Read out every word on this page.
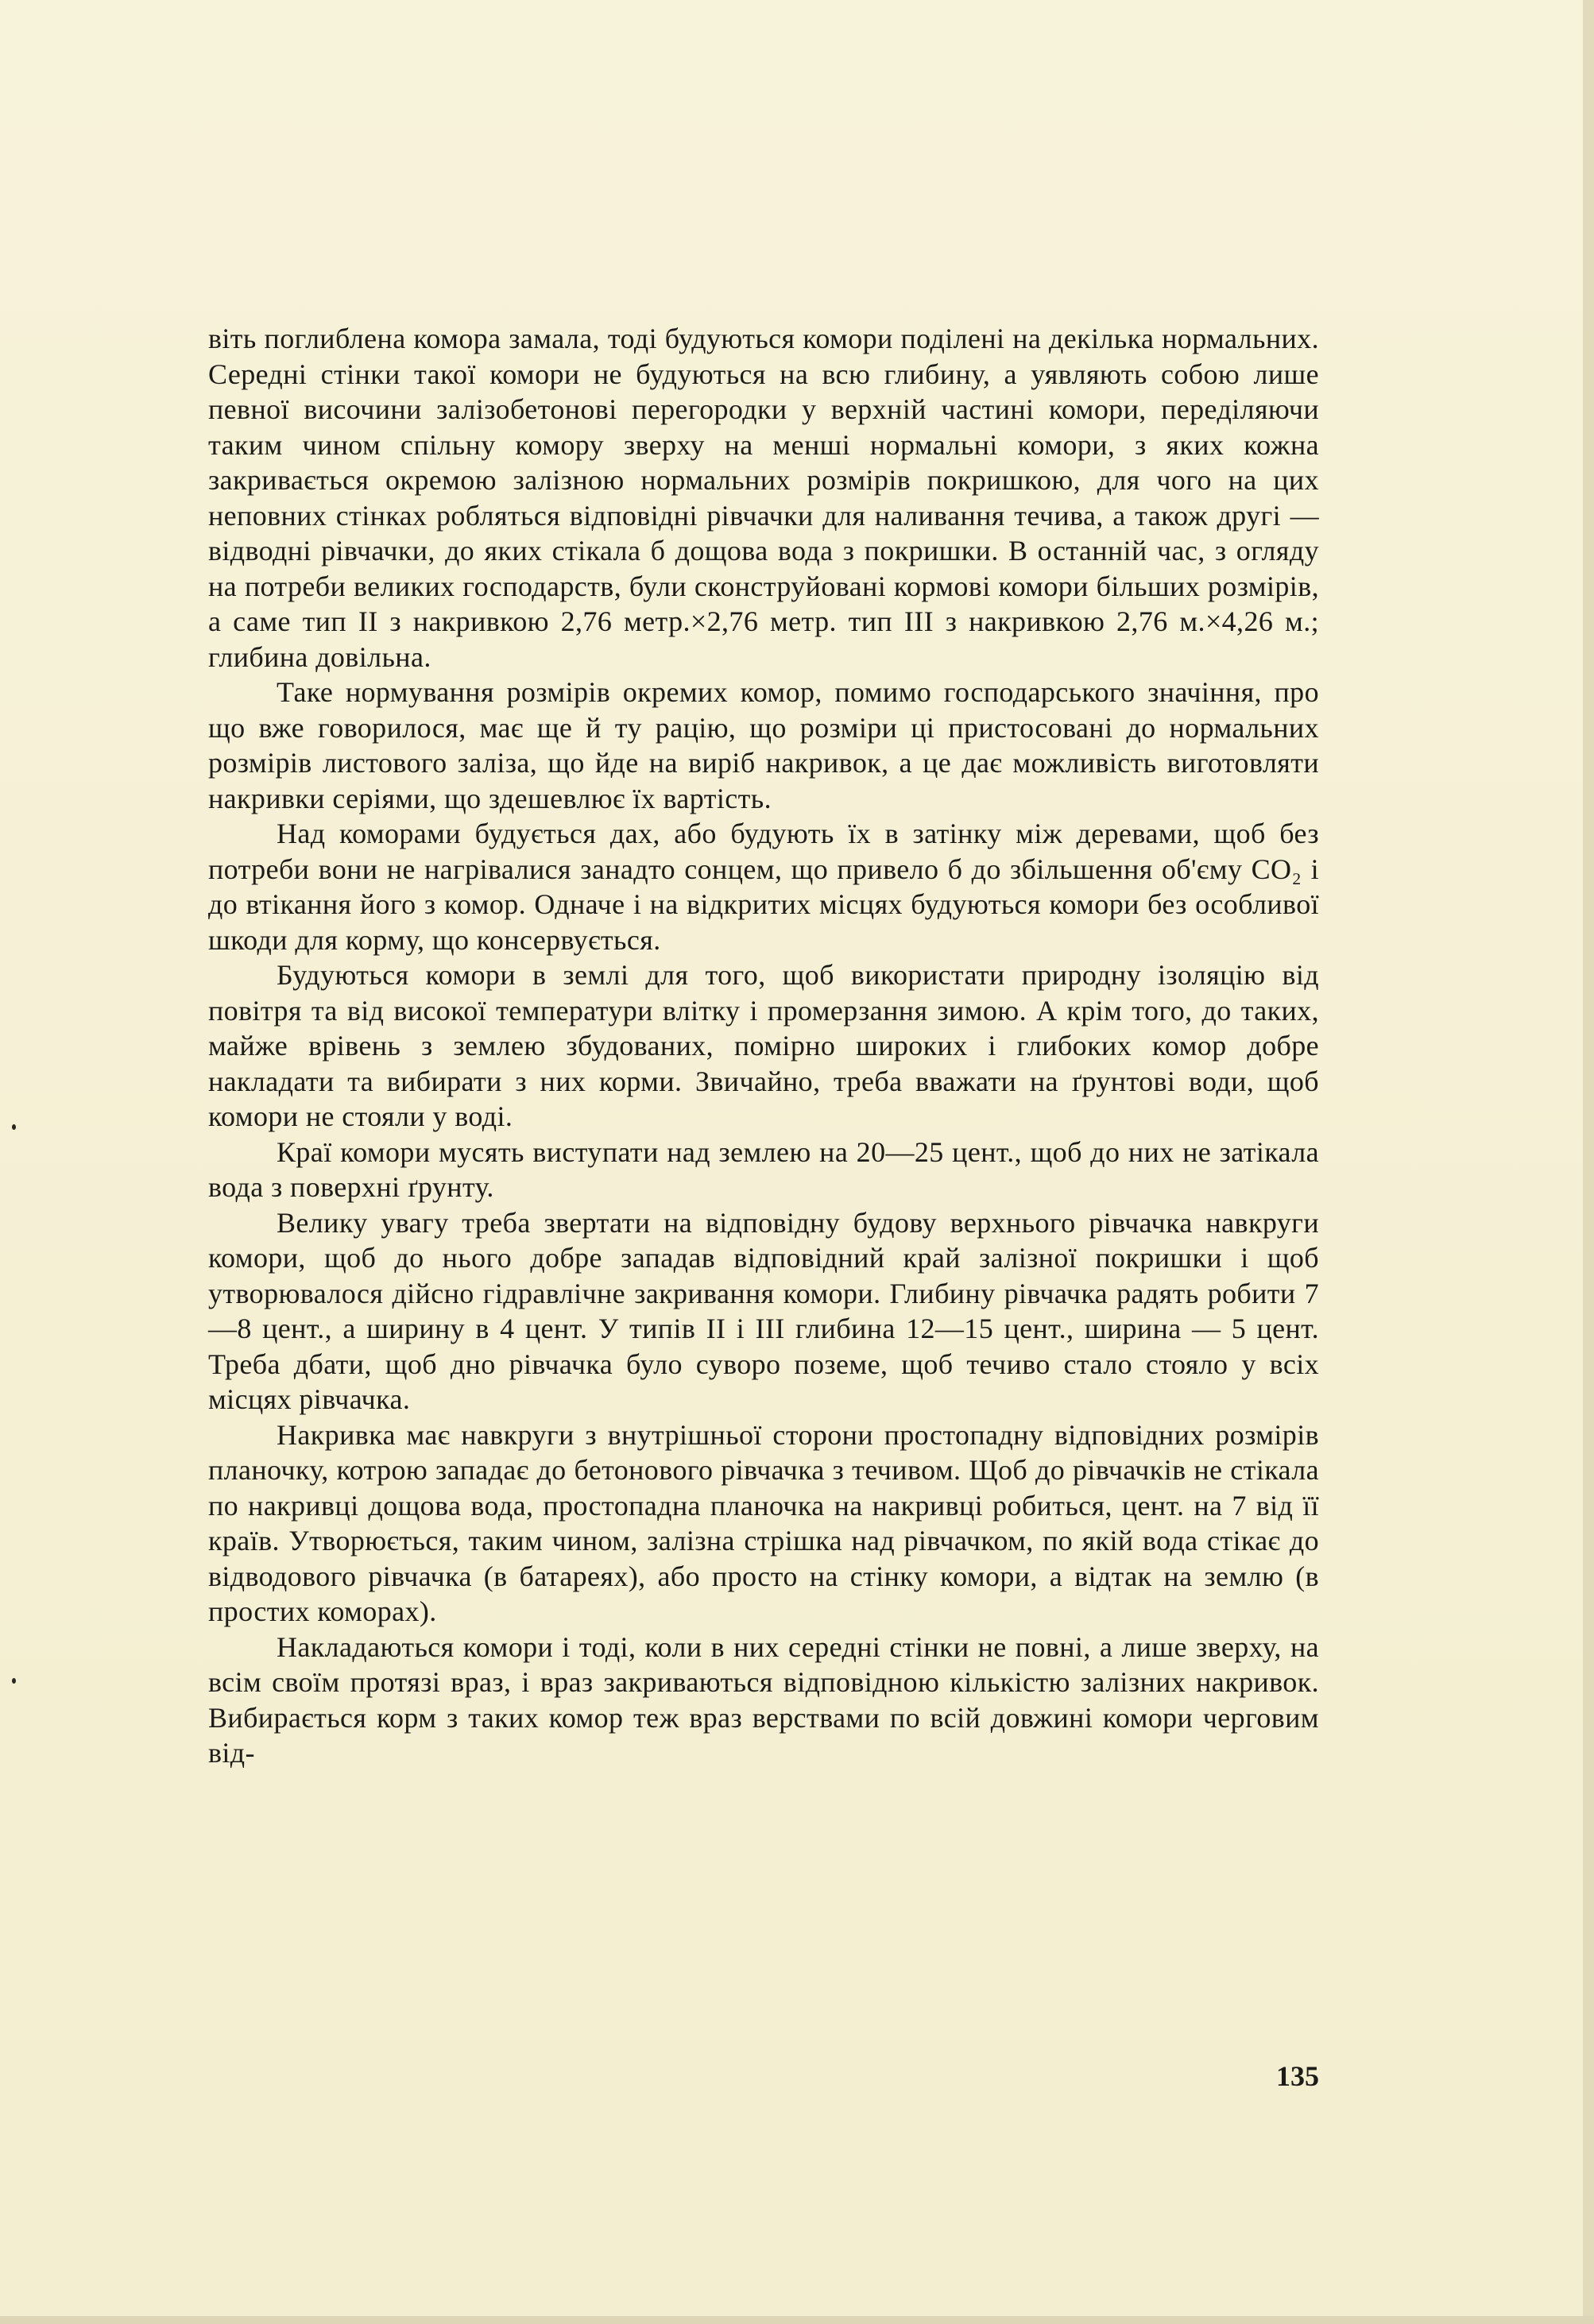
віть поглиблена комора замала, тоді будуються комори поділені на декілька нормальних. Середні стінки такої комори не будуються на всю глибину, а уявляють собою лише певної височини залізобетонові перегородки у верхній частині комори, переділяючи таким чином спільну комору зверху на менші нормальні комори, з яких кожна закривається окремою залізною нормальних розмірів покришкою, для чого на цих неповних стінках робляться відповідні рівчачки для наливання течива, а також другі — відводні рівчачки, до яких стікала б дощова вода з покришки. В останній час, з огляду на потреби великих господарств, були сконструйовані кормові комори більших розмірів, а саме тип II з накривкою 2,76 метр.×2,76 метр. тип III з накривкою 2,76 м.×4,26 м.; глибина довільна.

Таке нормування розмірів окремих комор, помимо господарського значіння, про що вже говорилося, має ще й ту рацію, що розміри ці пристосовані до нормальних розмірів листового заліза, що йде на виріб накривок, а це дає можливість виготовляти накривки серіями, що здешевлює їх вартість.

Над коморами будується дах, або будують їх в затінку між деревами, щоб без потреби вони не нагрівалися занадто сонцем, що привело б до збільшення об'єму CO₂ і до втікання його з комор. Одначе і на відкритих місцях будуються комори без особливої шкоди для корму, що консервується.

Будуються комори в землі для того, щоб використати природну ізоляцію від повітря та від високої температури влітку і промерзання зимою. А крім того, до таких, майже врівень з землею збудованих, помірно широких і глибоких комор добре накладати та вибирати з них корми. Звичайно, треба вважати на ґрунтові води, щоб комори не стояли у воді.

Краї комори мусять виступати над землею на 20—25 цент., щоб до них не затікала вода з поверхні ґрунту.

Велику увагу треба звертати на відповідну будову верхнього рівчачка навкруги комори, щоб до нього добре западав відповідний край залізної покришки і щоб утворювалося дійсно гідравлічне закривання комори. Глибину рівчачка радять робити 7—8 цент., а ширину в 4 цент. У типів II і III глибина 12—15 цент., ширина — 5 цент. Треба дбати, щоб дно рівчачка було суворо поземе, щоб течиво стало стояло у всіх місцях рівчачка.

Накривка має навкруги з внутрішньої сторони простопадну відповідних розмірів планочку, котрою западає до бетонового рівчачка з течивом. Щоб до рівчачків не стікала по накривці дощова вода, простопадна планочка на накривці робиться, цент. на 7 від її країв. Утворюється, таким чином, залізна стрішка над рівчачком, по якій вода стікає до відводового рівчачка (в батареях), або просто на стінку комори, а відтак на землю (в простих коморах).

Накладаються комори і тоді, коли в них середні стінки не повні, а лише зверху, на всім своїм протязі враз, і враз закриваються відповідною кількістю залізних накривок. Вибирається корм з таких комор теж враз верствами по всій довжині комори черговим від-

135
